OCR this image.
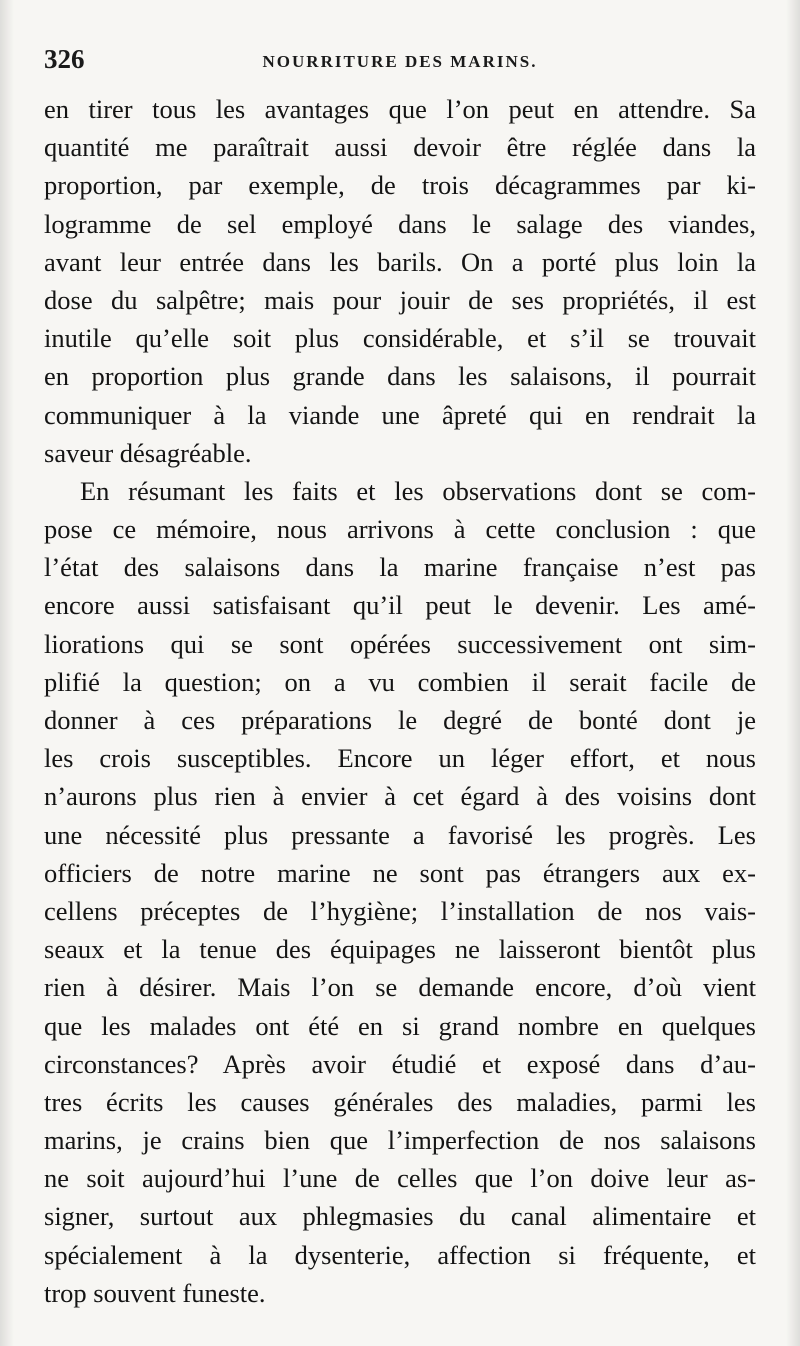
326	NOURRITURE DES MARINS.
en tirer tous les avantages que l’on peut en attendre. Sa
quantité me paraîtrait aussi devoir être réglée dans la
proportion, par exemple, de trois décagrammes par ki-
logramme de sel employé dans le salage des viandes,
avant leur entrée dans les barils. On a porté plus loin la
dose du salpêtre; mais pour jouir de ses propriétés, il est
inutile qu’elle soit plus considérable, et s’il se trouvait
en proportion plus grande dans les salaisons, il pourrait
communiquer à la viande une âpreté qui en rendrait la
saveur désagréable.
En résumant les faits et les observations dont se com-
pose ce mémoire, nous arrivons à cette conclusion : que
l’état des salaisons dans la marine française n’est pas
encore aussi satisfaisant qu’il peut le devenir. Les amé-
liorations qui se sont opérées successivement ont sim-
plifié la question; on a vu combien il serait facile de
donner à ces préparations le degré de bonté dont je
les crois susceptibles. Encore un léger effort, et nous
n’aurons plus rien à envier à cet égard à des voisins dont
une nécessité plus pressante a favorisé les progrès. Les
officiers de notre marine ne sont pas étrangers aux ex-
cellens préceptes de l’hygiène; l’installation de nos vais-
seaux et la tenue des équipages ne laisseront bientôt plus
rien à désirer. Mais l’on se demande encore, d’où vient
que les malades ont été en si grand nombre en quelques
circonstances? Après avoir étudié et exposé dans d’au-
tres écrits les causes générales des maladies, parmi les
marins, je crains bien que l’imperfection de nos salaisons
ne soit aujourd’hui l’une de celles que l’on doive leur as-
signer, surtout aux phlegmasies du canal alimentaire et
spécialement à la dysenterie, affection si fréquente, et
trop souvent funeste.
